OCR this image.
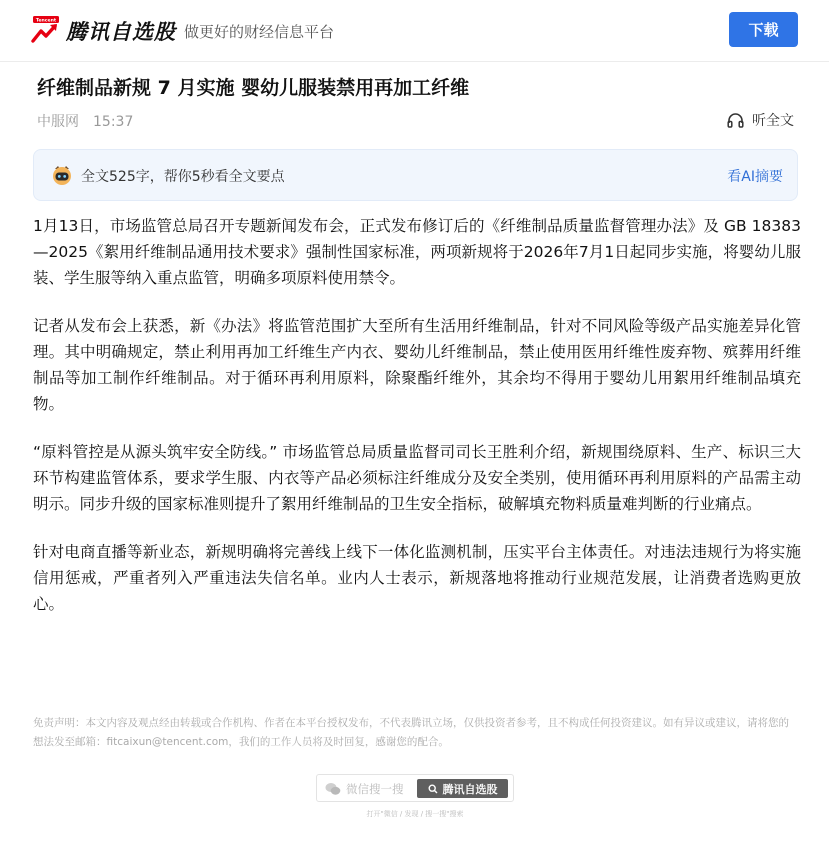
Tencent 腾讯自选股 做更好的财经信息平台	下载
纤维制品新规 7 月实施 婴幼儿服装禁用再加工纤维
中服网 15:37	听全文
全文525字，帮你5秒看全文要点	看AI摘要

1月13日，市场监管总局召开专题新闻发布会，正式发布修订后的《纤维制品质量监督管理办法》及 GB 18383—2025《絮用纤维制品通用技术要求》强制性国家标准，两项新规将于2026年7月1日起同步实施，将婴幼儿服装、学生服等纳入重点监管，明确多项原料使用禁令。

记者从发布会上获悉，新《办法》将监管范围扩大至所有生活用纤维制品，针对不同风险等级产品实施差异化管理。其中明确规定，禁止利用再加工纤维生产内衣、婴幼儿纤维制品，禁止使用医用纤维性废弃物、殡葬用纤维制品等加工制作纤维制品。对于循环再利用原料，除聚酯纤维外，其余均不得用于婴幼儿用絮用纤维制品填充物。

“原料管控是从源头筑牢安全防线。” 市场监管总局质量监督司司长王胜利介绍，新规围绕原料、生产、标识三大环节构建监管体系，要求学生服、内衣等产品必须标注纤维成分及安全类别，使用循环再利用原料的产品需主动明示。同步升级的国家标准则提升了絮用纤维制品的卫生安全指标，破解填充物料质量难判断的行业痛点。

针对电商直播等新业态，新规明确将完善线上线下一体化监测机制，压实平台主体责任。对违法违规行为将实施信用惩戒，严重者列入严重违法失信名单。业内人士表示，新规落地将推动行业规范发展，让消费者选购更放心。

免责声明：本文内容及观点经由转载或合作机构、作者在本平台授权发布，不代表腾讯立场，仅供投资者参考，且不构成任何投资建议。如有异议或建议，请将您的想法发至邮箱：fitcaixun@tencent.com，我们的工作人员将及时回复，感谢您的配合。
微信搜一搜	腾讯自选股
打开"微信 / 发现 / 搜一搜"搜索
